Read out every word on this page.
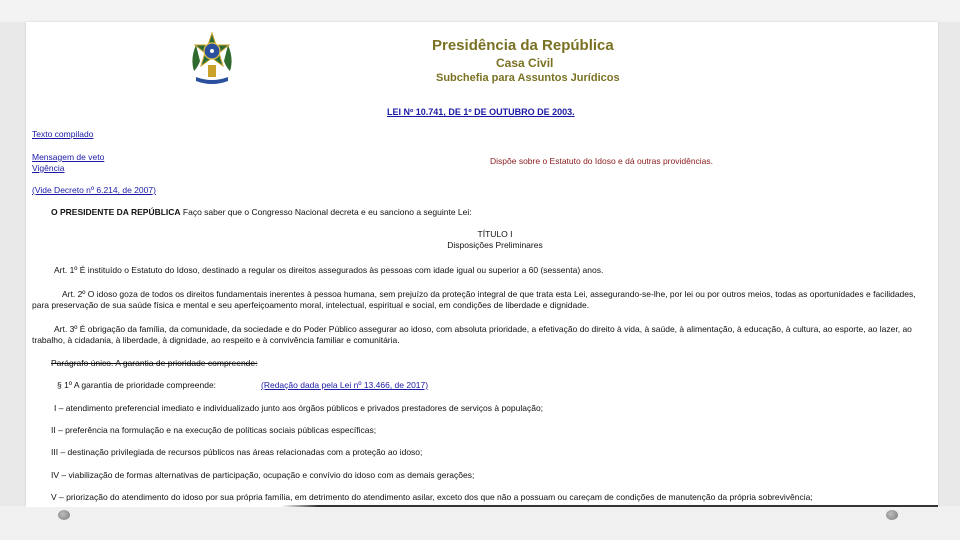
Presidência da República
Casa Civil
Subchefia para Assuntos Jurídicos
LEI Nº 10.741, DE 1º DE OUTUBRO DE 2003.
Texto compilado
Mensagem de veto
Vigência
(Vide Decreto nº 6.214, de 2007)
Dispõe sobre o Estatuto do Idoso e dá outras providências.
O PRESIDENTE DA REPÚBLICA Faço saber que o Congresso Nacional decreta e eu sanciono a seguinte Lei:
TÍTULO I
Disposições Preliminares
Art. 1º É instituído o Estatuto do Idoso, destinado a regular os direitos assegurados às pessoas com idade igual ou superior a 60 (sessenta) anos.
Art. 2º O idoso goza de todos os direitos fundamentais inerentes à pessoa humana, sem prejuízo da proteção integral de que trata esta Lei, assegurando-se-lhe, por lei ou por outros meios, todas as oportunidades e facilidades, para preservação de sua saúde física e mental e seu aperfeiçoamento moral, intelectual, espiritual e social, em condições de liberdade e dignidade.
Art. 3º É obrigação da família, da comunidade, da sociedade e do Poder Público assegurar ao idoso, com absoluta prioridade, a efetivação do direito à vida, à saúde, à alimentação, à educação, à cultura, ao esporte, ao lazer, ao trabalho, à cidadania, à liberdade, à dignidade, ao respeito e à convivência familiar e comunitária.
Parágrafo único. A garantia de prioridade compreende:
§ 1º A garantia de prioridade compreende:	(Redação dada pela Lei nº 13.466, de 2017)
I – atendimento preferencial imediato e individualizado junto aos órgãos públicos e privados prestadores de serviços à população;
II – preferência na formulação e na execução de políticas sociais públicas específicas;
III – destinação privilegiada de recursos públicos nas áreas relacionadas com a proteção ao idoso;
IV – viabilização de formas alternativas de participação, ocupação e convívio do idoso com as demais gerações;
V – priorização do atendimento do idoso por sua própria família, em detrimento do atendimento asilar, exceto dos que não a possuam ou careçam de condições de manutenção da própria sobrevivência;
